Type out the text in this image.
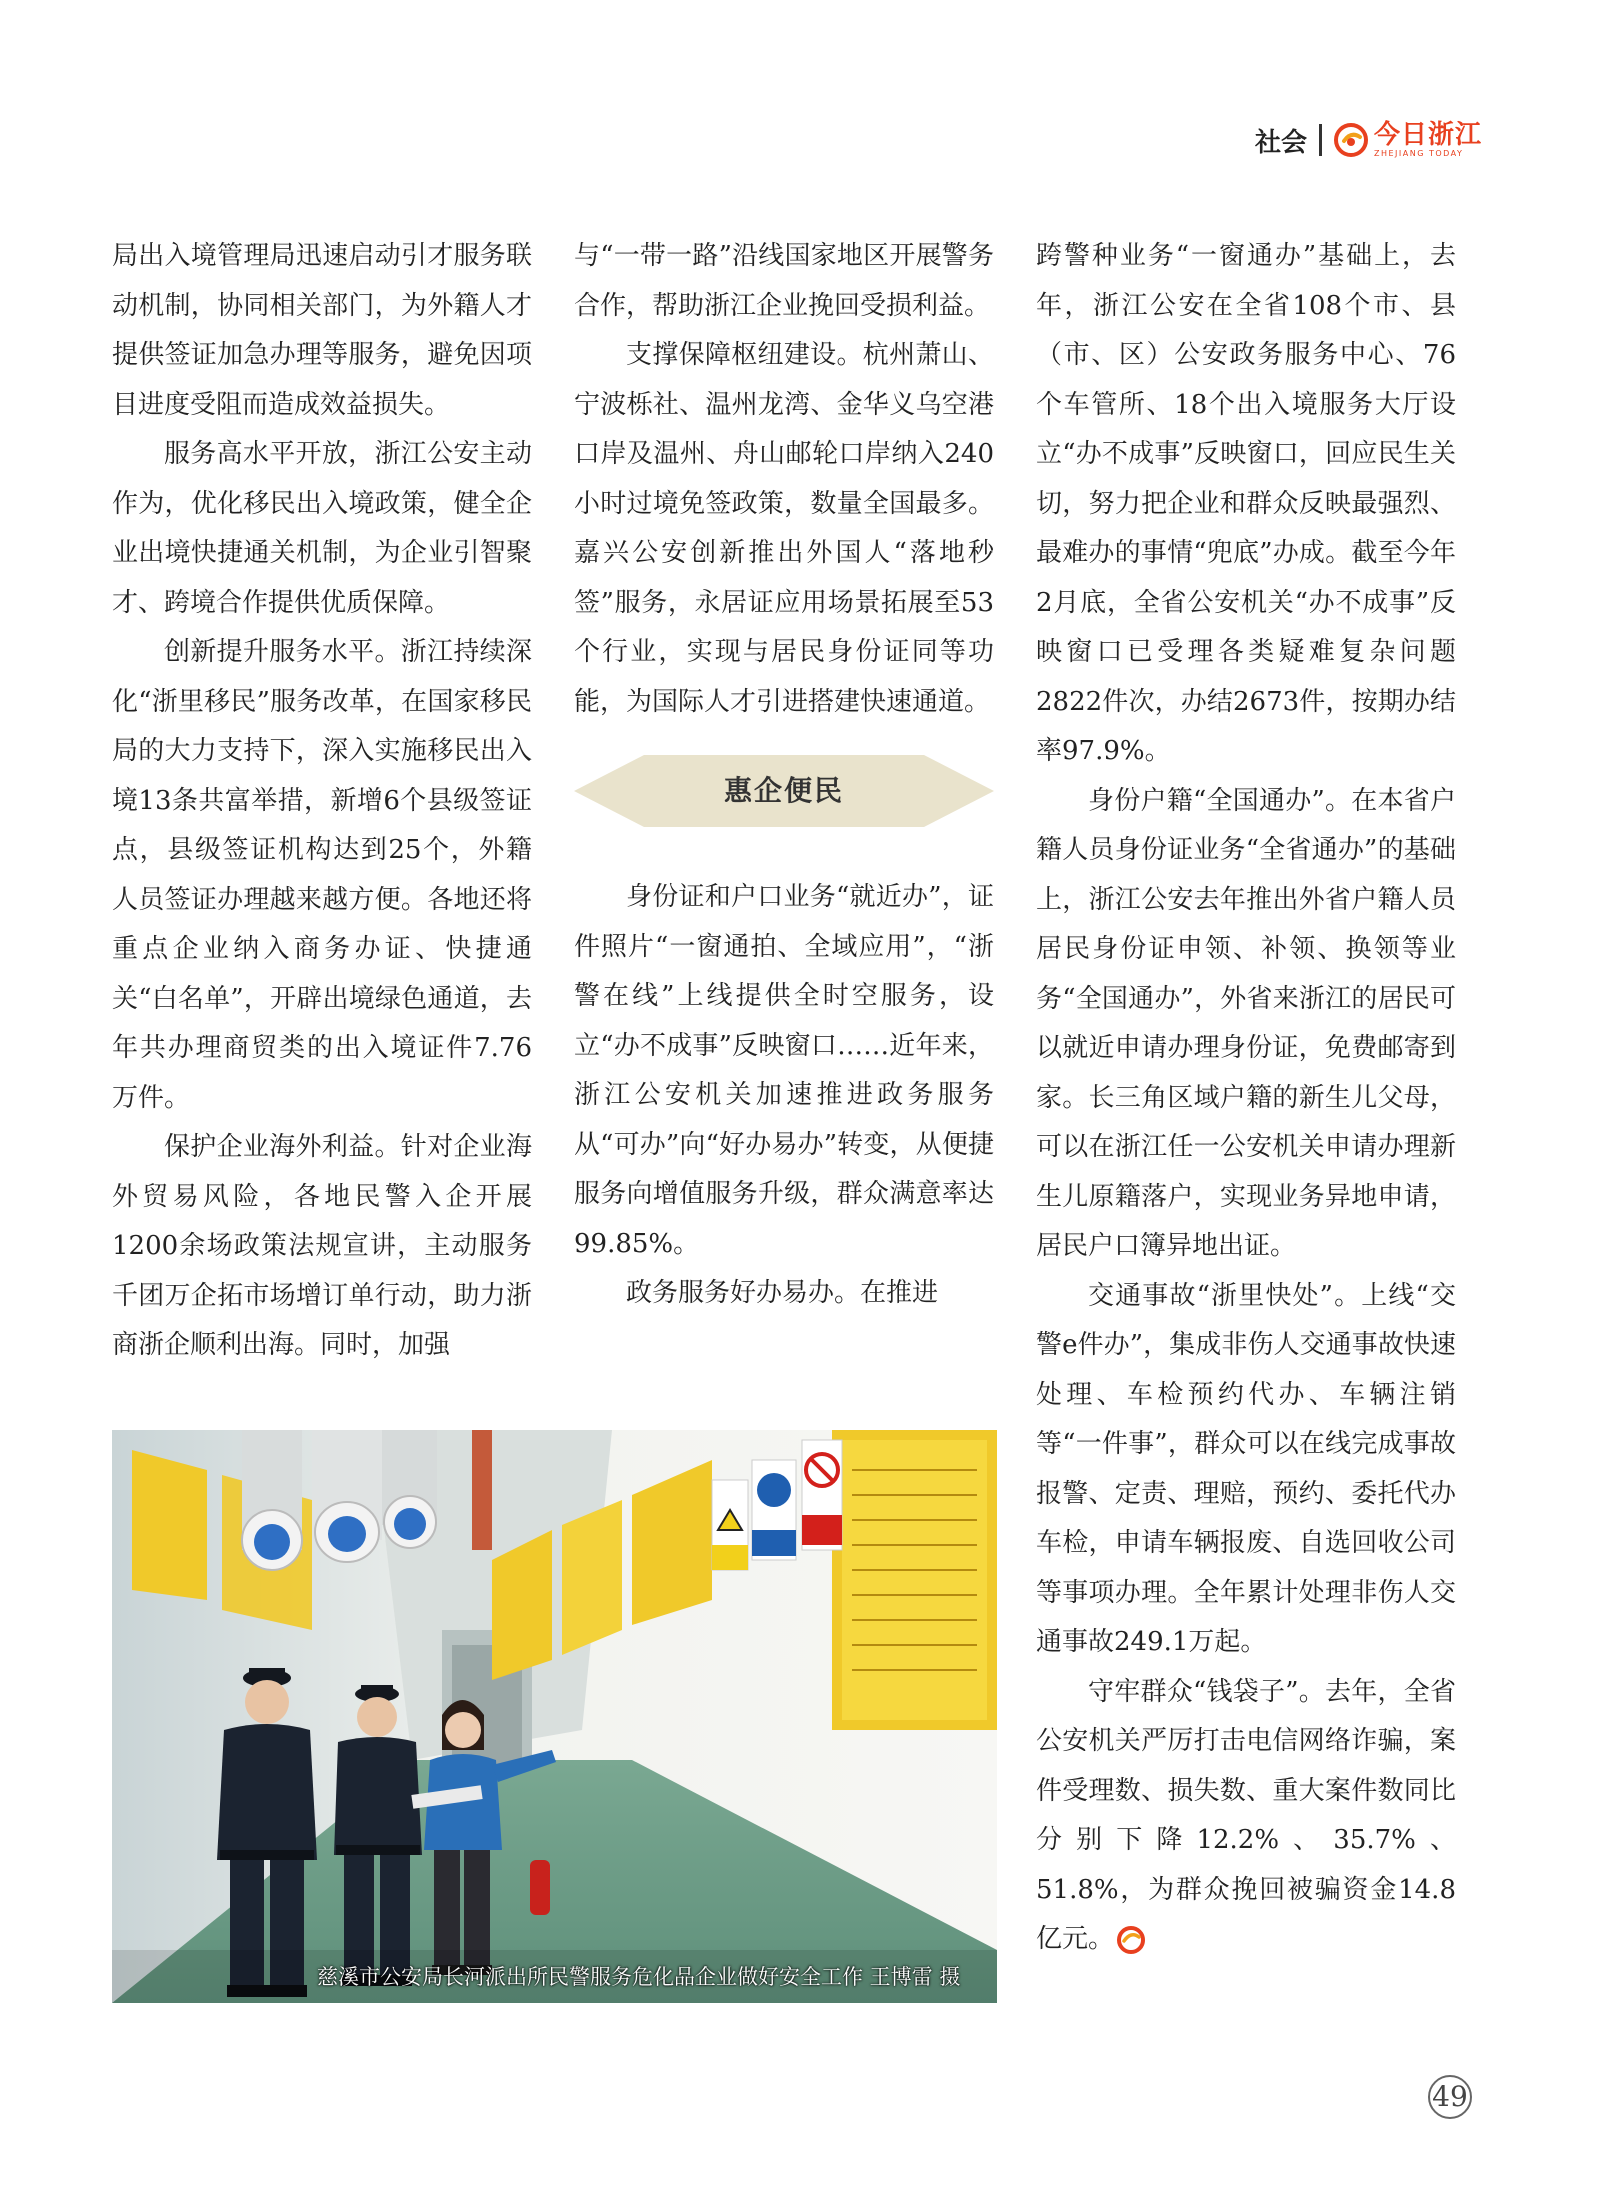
社会	今日浙江
ZHEJIANG TODAY

局出入境管理局迅速启动引才服务联动机制，协同相关部门，为外籍人才提供签证加急办理等服务，避免因项目进度受阻而造成效益损失。

服务高水平开放，浙江公安主动作为，优化移民出入境政策，健全企业出境快捷通关机制，为企业引智聚才、跨境合作提供优质保障。

创新提升服务水平。浙江持续深化“浙里移民”服务改革，在国家移民局的大力支持下，深入实施移民出入境13条共富举措，新增6个县级签证点，县级签证机构达到25个，外籍人员签证办理越来越方便。各地还将重点企业纳入商务办证、快捷通关“白名单”，开辟出境绿色通道，去年共办理商贸类的出入境证件7.76万件。

保护企业海外利益。针对企业海外贸易风险，各地民警入企开展1200余场政策法规宣讲，主动服务千团万企拓市场增订单行动，助力浙商浙企顺利出海。同时，加强

与“一带一路”沿线国家地区开展警务合作，帮助浙江企业挽回受损利益。

支撑保障枢纽建设。杭州萧山、宁波栎社、温州龙湾、金华义乌空港口岸及温州、舟山邮轮口岸纳入240小时过境免签政策，数量全国最多。嘉兴公安创新推出外国人“落地秒签”服务，永居证应用场景拓展至53个行业，实现与居民身份证同等功能，为国际人才引进搭建快速通道。

惠企便民

身份证和户口业务“就近办”，证件照片“一窗通拍、全域应用”，“浙警在线”上线提供全时空服务，设立“办不成事”反映窗口……近年来，浙江公安机关加速推进政务服务从“可办”向“好办易办”转变，从便捷服务向增值服务升级，群众满意率达99.85%。

政务服务好办易办。在推进

跨警种业务“一窗通办”基础上，去年，浙江公安在全省108个市、县（市、区）公安政务服务中心、76个车管所、18个出入境服务大厅设立“办不成事”反映窗口，回应民生关切，努力把企业和群众反映最强烈、最难办的事情“兜底”办成。截至今年2月底，全省公安机关“办不成事”反映窗口已受理各类疑难复杂问题2822件次，办结2673件，按期办结率97.9%。

身份户籍“全国通办”。在本省户籍人员身份证业务“全省通办”的基础上，浙江公安去年推出外省户籍人员居民身份证申领、补领、换领等业务“全国通办”，外省来浙江的居民可以就近申请办理身份证，免费邮寄到家。长三角区域户籍的新生儿父母，可以在浙江任一公安机关申请办理新生儿原籍落户，实现业务异地申请，居民户口簿异地出证。

交通事故“浙里快处”。上线“交警e件办”，集成非伤人交通事故快速处理、车检预约代办、车辆注销等“一件事”，群众可以在线完成事故报警、定责、理赔，预约、委托代办车检，申请车辆报废、自选回收公司等事项办理。全年累计处理非伤人交通事故249.1万起。

守牢群众“钱袋子”。去年，全省公安机关严厉打击电信网络诈骗，案件受理数、损失数、重大案件数同比分别下降12.2%、35.7%、51.8%，为群众挽回被骗资金14.8亿元。

慈溪市公安局长河派出所民警服务危化品企业做好安全工作 王博雷 摄
49
